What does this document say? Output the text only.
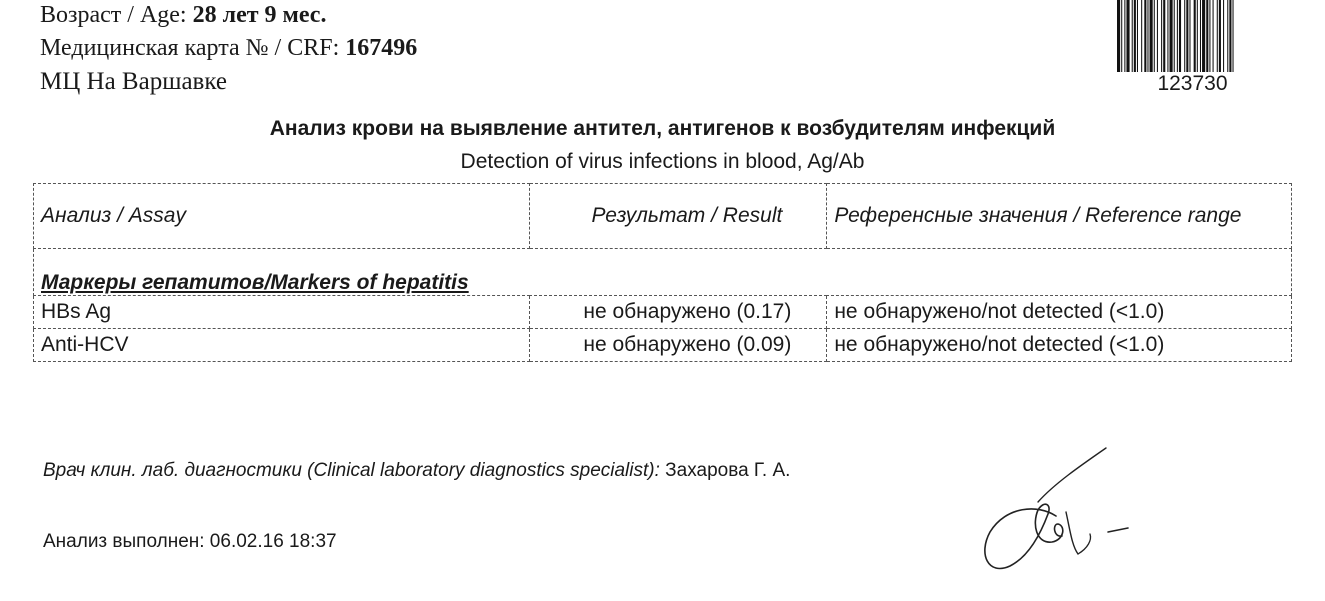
Возраст / Age: 28 лет 9 мес.
Медицинская карта № / CRF: 167496
МЦ На Варшавке	123730
Анализ крови на выявление антител, антигенов к возбудителям инфекций
Detection of virus infections in blood, Ag/Ab
Анализ / Assay	Результат / Result	Референсные значения / Reference range
Маркеры гепатитов/Markers of hepatitis		
HBs Ag	не обнаружено (0.17)	не обнаружено/not detected (<1.0)
Anti-HCV	не обнаружено (0.09)	не обнаружено/not detected (<1.0)
Врач клин. лаб. диагностики (Clinical laboratory diagnostics specialist): Захарова Г. А.
Анализ выполнен: 06.02.16 18:37
